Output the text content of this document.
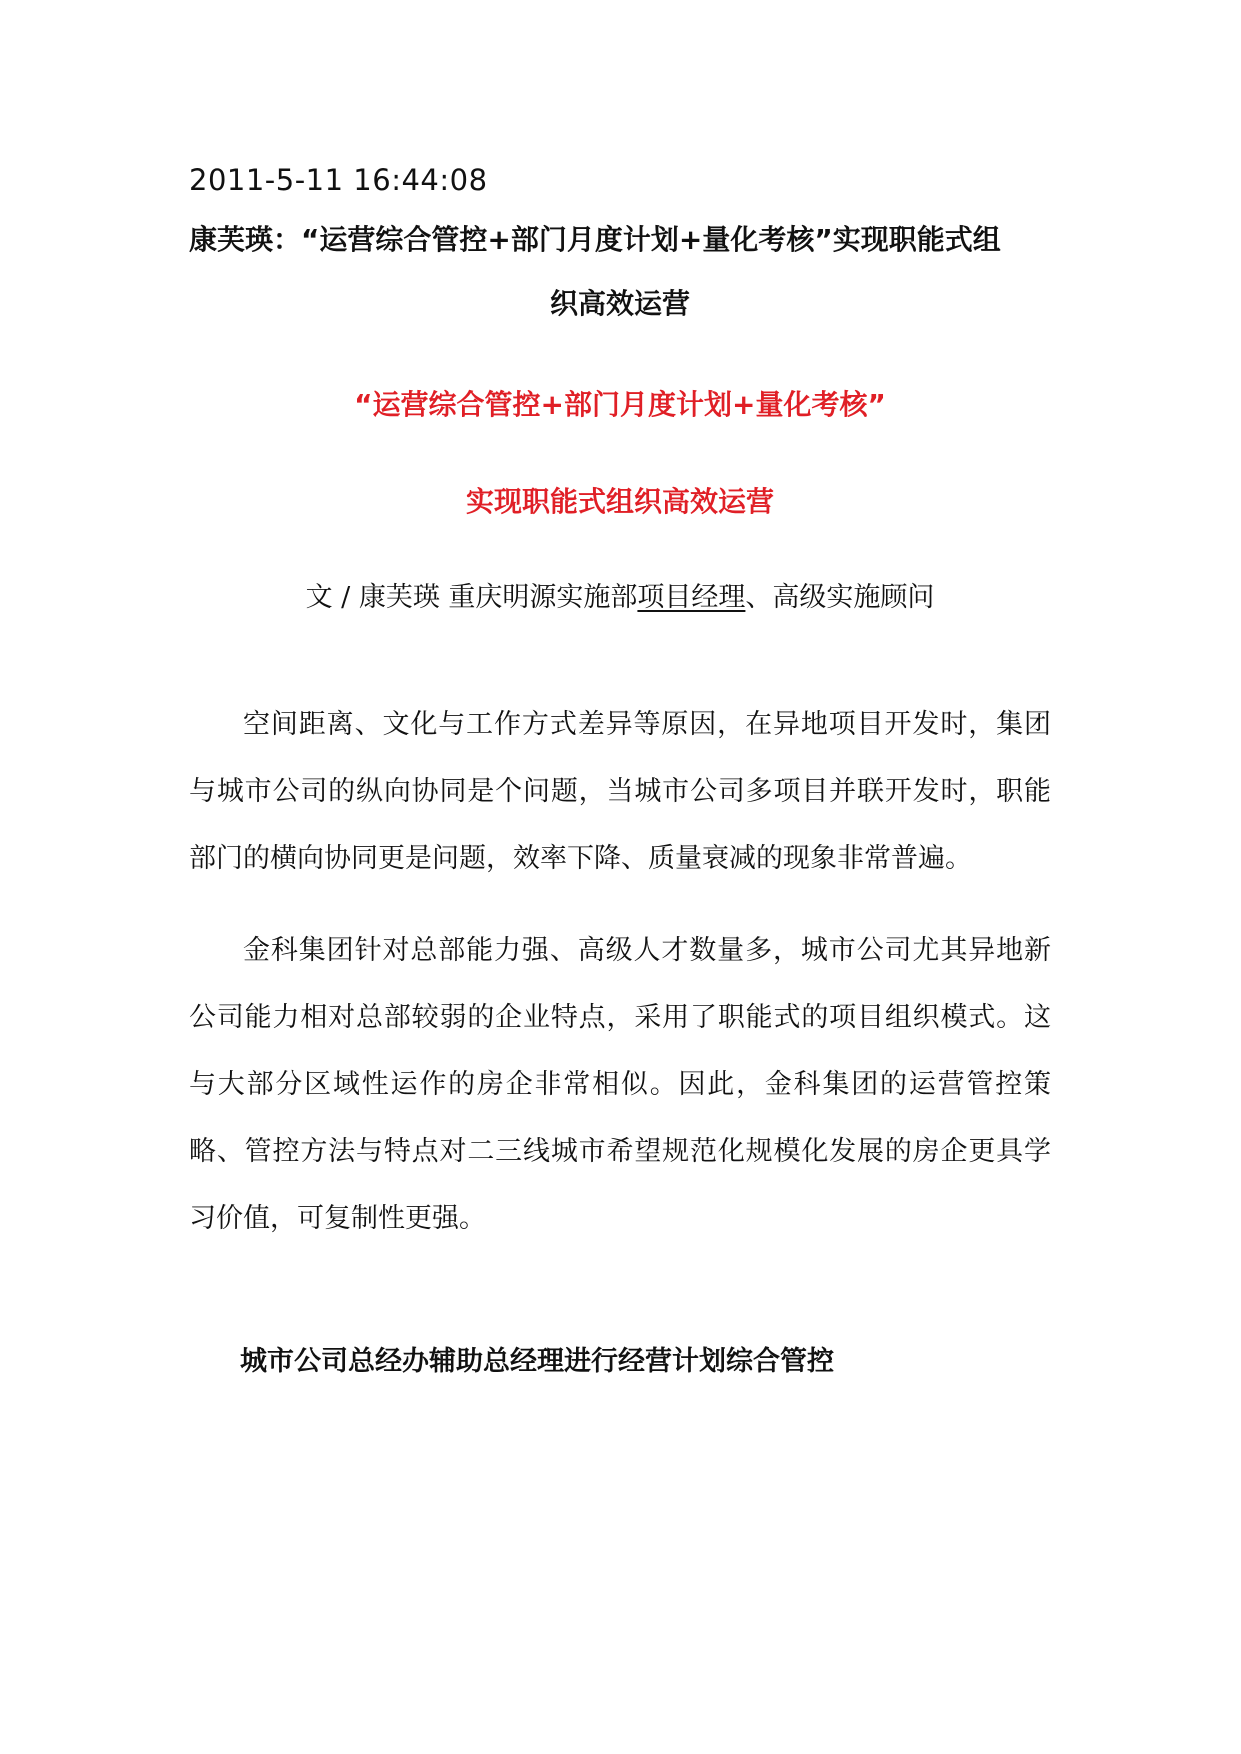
2011-5-11 16:44:08
康芙瑛：“运营综合管控+部门月度计划+量化考核”实现职能式组
织高效运营
“运营综合管控+部门月度计划+量化考核”
实现职能式组织高效运营
文 / 康芙瑛 重庆明源实施部项目经理、高级实施顾问

空间距离、文化与工作方式差异等原因，在异地项目开发时，集团与城市公司的纵向协同是个问题，当城市公司多项目并联开发时，职能部门的横向协同更是问题，效率下降、质量衰减的现象非常普遍。

金科集团针对总部能力强、高级人才数量多，城市公司尤其异地新公司能力相对总部较弱的企业特点，采用了职能式的项目组织模式。这与大部分区域性运作的房企非常相似。因此，金科集团的运营管控策略、管控方法与特点对二三线城市希望规范化规模化发展的房企更具学习价值，可复制性更强。

城市公司总经办辅助总经理进行经营计划综合管控
